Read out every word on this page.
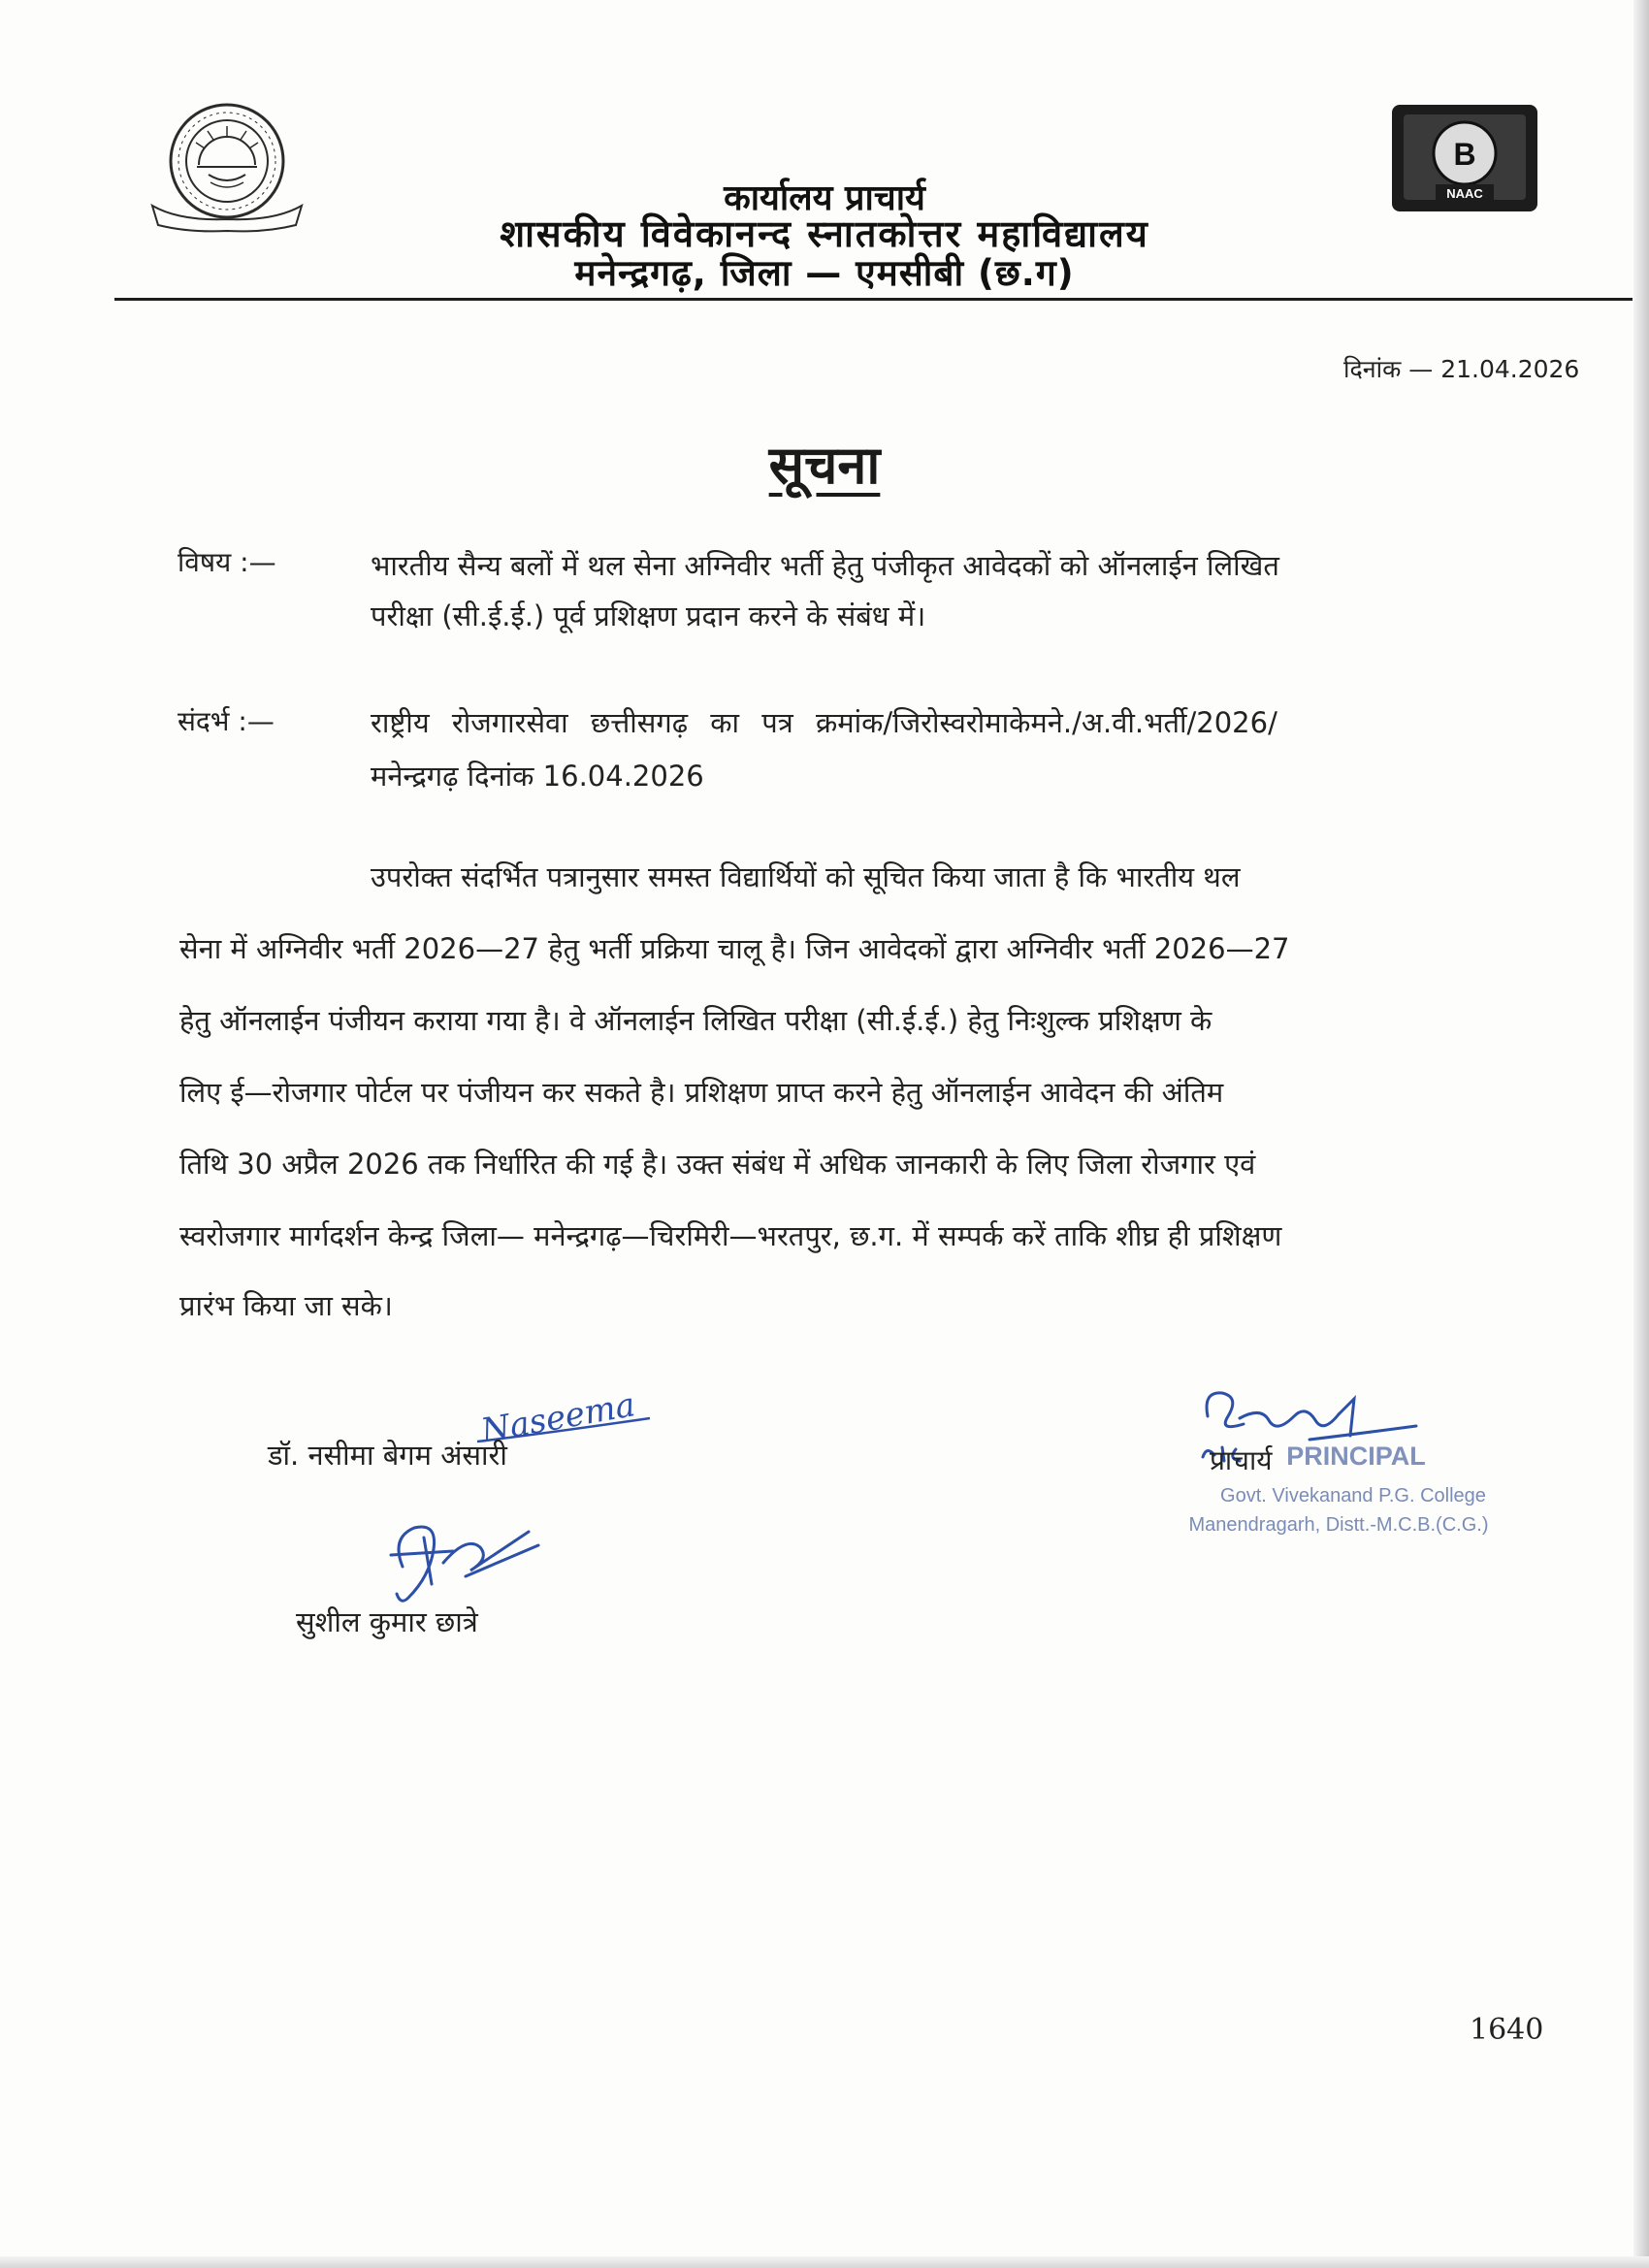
B
NAAC
कार्यालय प्राचार्य
शासकीय विवेकानन्द स्नातकोत्तर महाविद्यालय
मनेन्द्रगढ़, जिला — एमसीबी (छ.ग)
दिनांक — 21.04.2026
सूचना
विषय :—	भारतीय सैन्य बलों में थल सेना अग्निवीर भर्ती हेतु पंजीकृत आवेदकों को ऑनलाईन लिखित
परीक्षा (सी.ई.ई.) पूर्व प्रशिक्षण प्रदान करने के संबंध में।
संदर्भ :—	राष्ट्रीय रोजगारसेवा छत्तीसगढ़ का पत्र क्रमांक/जिरोस्वरोमाकेमने./अ.वी.भर्ती/2026/
मनेन्द्रगढ़ दिनांक 16.04.2026
उपरोक्त संदर्भित पत्रानुसार समस्त विद्यार्थियों को सूचित किया जाता है कि भारतीय थल
सेना में अग्निवीर भर्ती 2026—27 हेतु भर्ती प्रक्रिया चालू है। जिन आवेदकों द्वारा अग्निवीर भर्ती 2026—27
हेतु ऑनलाईन पंजीयन कराया गया है। वे ऑनलाईन लिखित परीक्षा (सी.ई.ई.) हेतु निःशुल्क प्रशिक्षण के
लिए ई—रोजगार पोर्टल पर पंजीयन कर सकते है। प्रशिक्षण प्राप्त करने हेतु ऑनलाईन आवेदन की अंतिम
तिथि 30 अप्रैल 2026 तक निर्धारित की गई है। उक्त संबंध में अधिक जानकारी के लिए जिला रोजगार एवं
स्वरोजगार मार्गदर्शन केन्द्र जिला— मनेन्द्रगढ़—चिरमिरी—भरतपुर, छ.ग. में सम्पर्क करें ताकि शीघ्र ही प्रशिक्षण
प्रारंभ किया जा सके।
Naseema
डॉ. नसीमा बेगम अंसारी
सुशील कुमार छात्रे
प्राचार्य PRINCIPAL
Govt. Vivekanand P.G. College
Manendragarh, Distt.-M.C.B.(C.G.)
1640
